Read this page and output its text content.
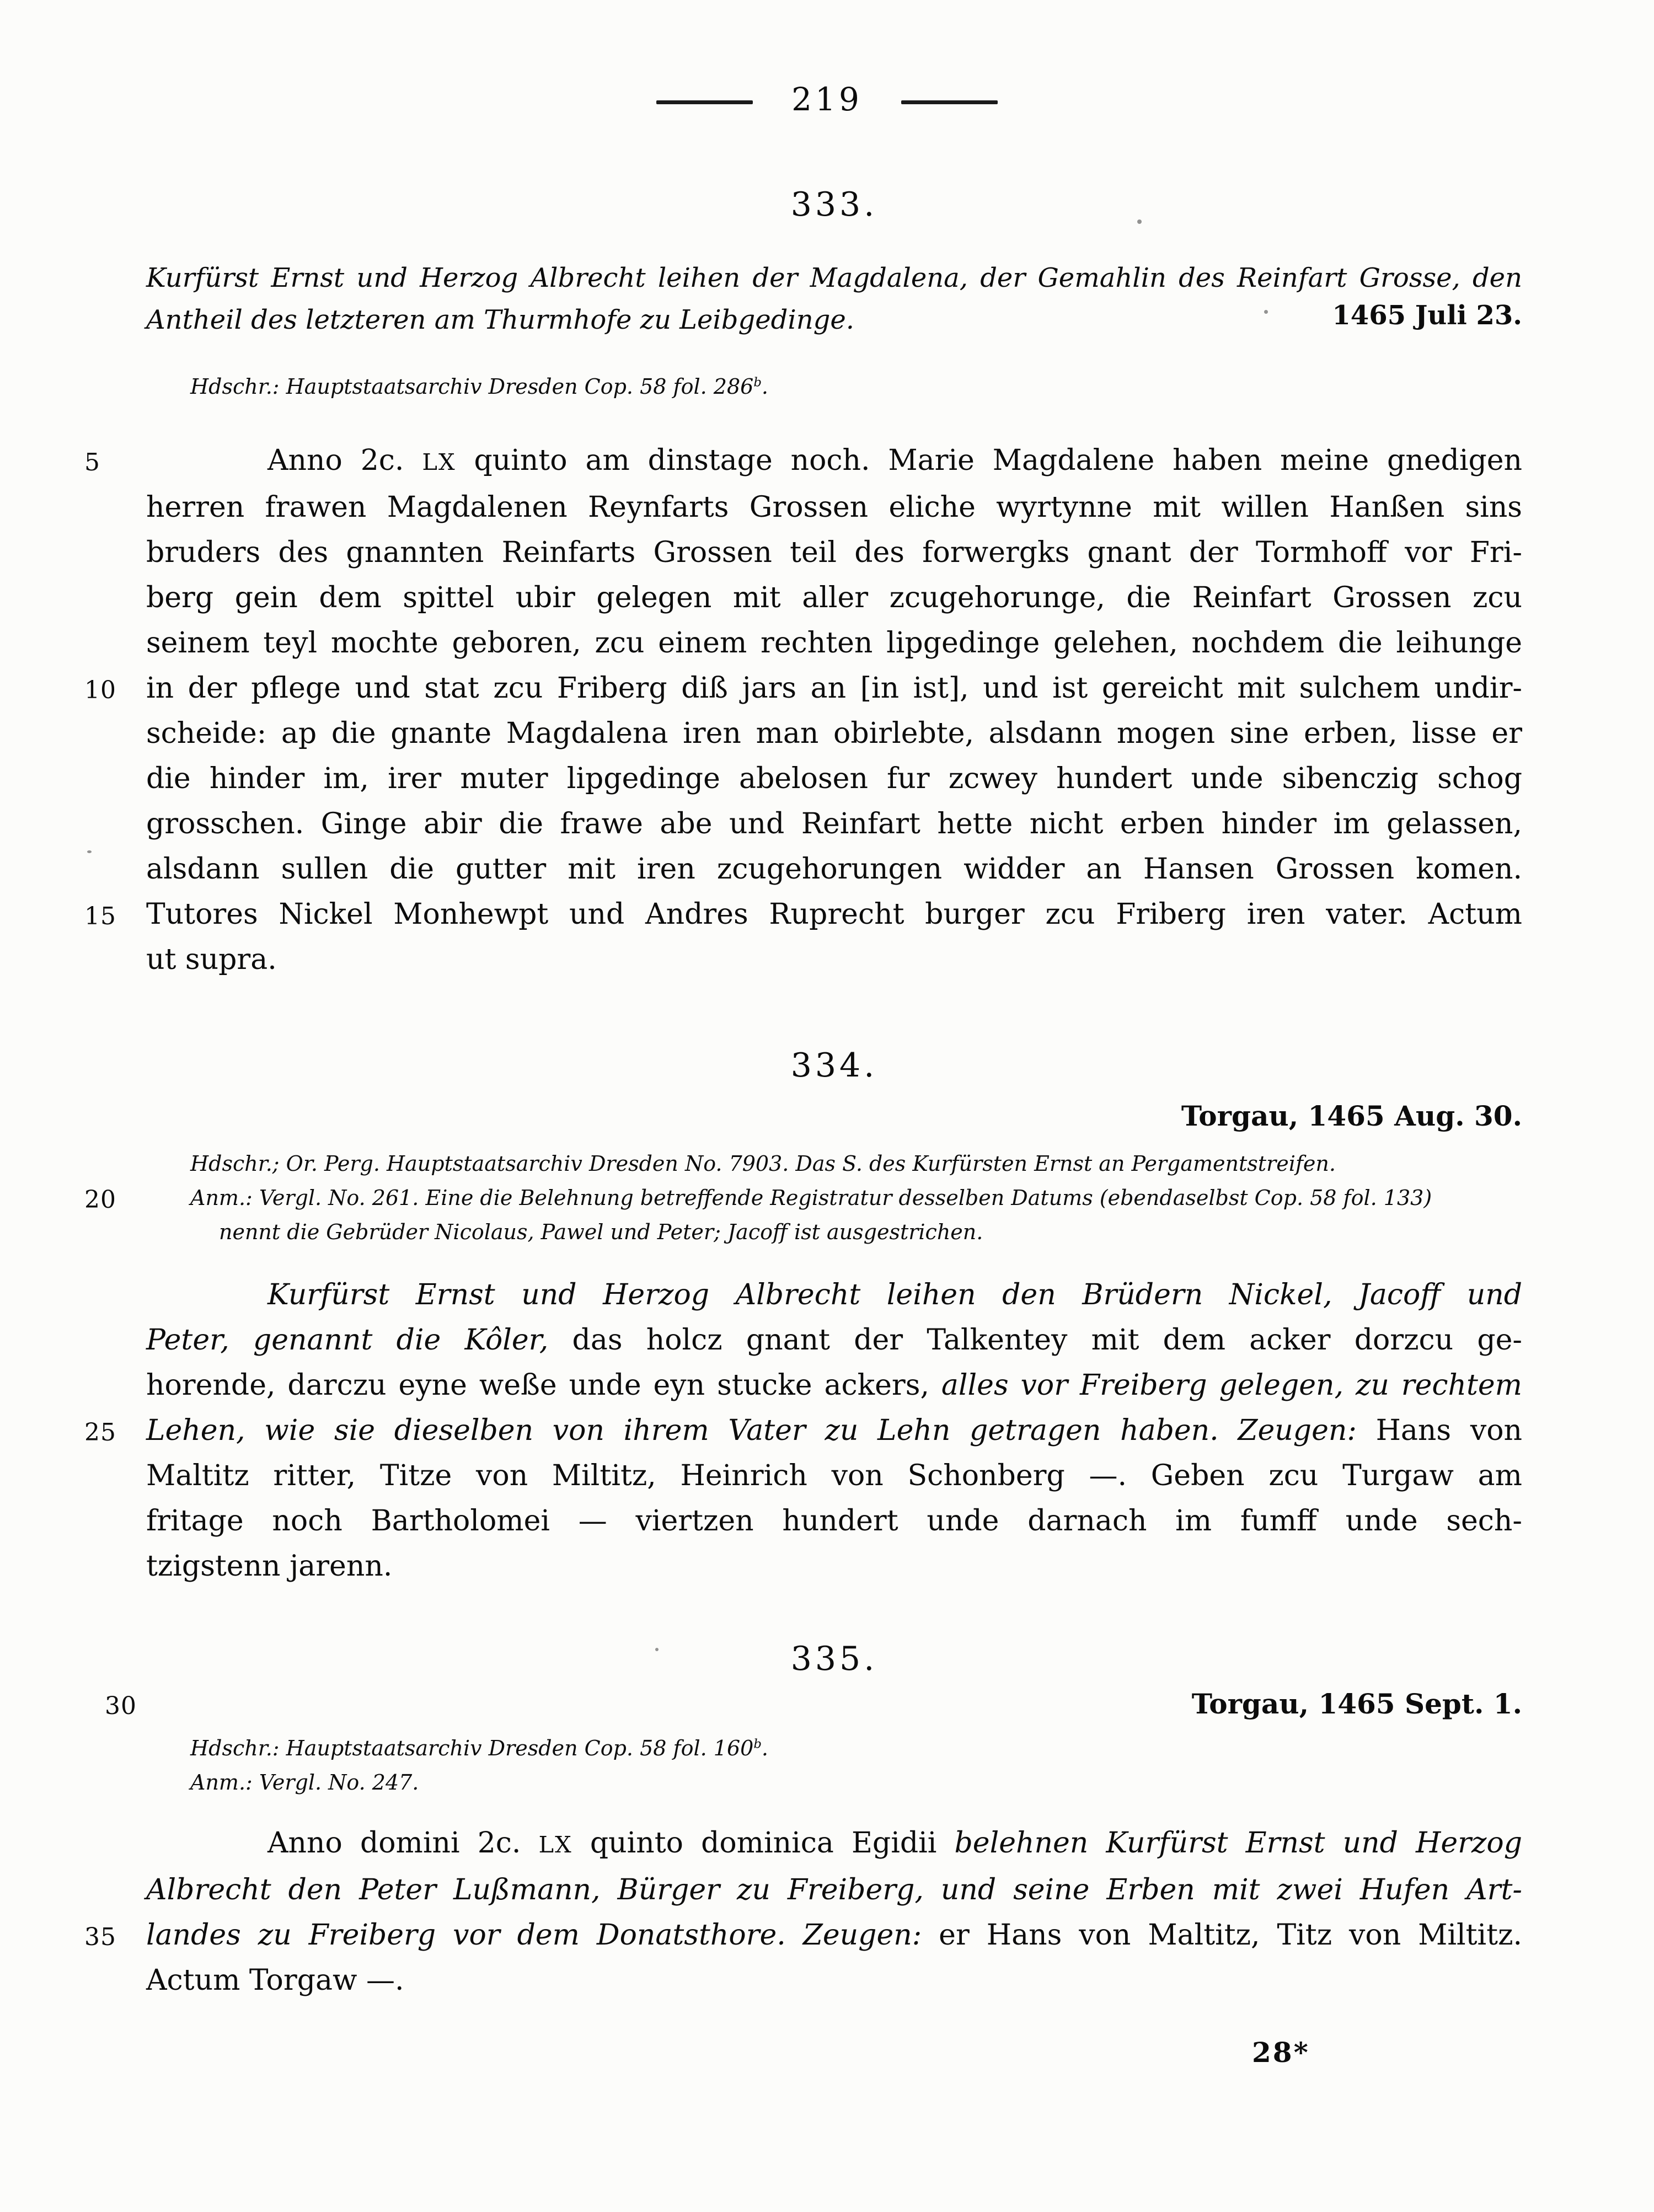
219
333.
Kurfürst Ernst und Herzog Albrecht leihen der Magdalena, der Gemahlin des Reinfart Grosse, den
Antheil des letzteren am Thurmhofe zu Leibgedinge.	1465 Juli 23.
Hdschr.: Hauptstaatsarchiv Dresden Cop. 58 fol. 286$^b$.
5	Anno 2c. LX quinto am dinstage noch. Marie Magdalene haben meine gnedigen
herren frawen Magdalenen Reynfarts Grossen eliche wyrtynne mit willen Hanßen sins
bruders des gnannten Reinfarts Grossen teil des forwergks gnant der Tormhoff vor Fri-
berg gein dem spittel ubir gelegen mit aller zcugehorunge, die Reinfart Grossen zcu
seinem teyl mochte geboren, zcu einem rechten lipgedinge gelehen, nochdem die leihunge
10	in der pflege und stat zcu Friberg diß jars an [in ist], und ist gereicht mit sulchem undir-
scheide: ap die gnante Magdalena iren man obirlebte, alsdann mogen sine erben, lisse er
die hinder im, irer muter lipgedinge abelosen fur zcwey hundert unde sibenczig schog
grosschen. Ginge abir die frawe abe und Reinfart hette nicht erben hinder im gelassen,
alsdann sullen die gutter mit iren zcugehorungen widder an Hansen Grossen komen.
15	Tutores Nickel Monhewpt und Andres Ruprecht burger zcu Friberg iren vater. Actum
ut supra.
334.
Torgau, 1465 Aug. 30.
Hdschr.; Or. Perg. Hauptstaatsarchiv Dresden No. 7903. Das S. des Kurfürsten Ernst an Pergamentstreifen.
20	Anm.: Vergl. No. 261. Eine die Belehnung betreffende Registratur desselben Datums (ebendaselbst Cop. 58 fol. 133)
nennt die Gebrüder Nicolaus, Pawel und Peter; Jacoff ist ausgestrichen.
Kurfürst Ernst und Herzog Albrecht leihen den Brüdern Nickel, Jacoff und
Peter, genannt die Kôler, das holcz gnant der Talkentey mit dem acker dorzcu ge-
horende, darczu eyne weße unde eyn stucke ackers, alles vor Freiberg gelegen, zu rechtem
25	Lehen, wie sie dieselben von ihrem Vater zu Lehn getragen haben. Zeugen: Hans von
Maltitz ritter, Titze von Miltitz, Heinrich von Schonberg —. Geben zcu Turgaw am
fritage noch Bartholomei — viertzen hundert unde darnach im fumff unde sech-
tzigstenn jarenn.
335.
30	Torgau, 1465 Sept. 1.
Hdschr.: Hauptstaatsarchiv Dresden Cop. 58 fol. 160$^b$.
Anm.: Vergl. No. 247.
Anno domini 2c. LX quinto dominica Egidii belehnen Kurfürst Ernst und Herzog
Albrecht den Peter Lußmann, Bürger zu Freiberg, und seine Erben mit zwei Hufen Art-
35	landes zu Freiberg vor dem Donatsthore. Zeugen: er Hans von Maltitz, Titz von Miltitz.
Actum Torgaw —.
28*
